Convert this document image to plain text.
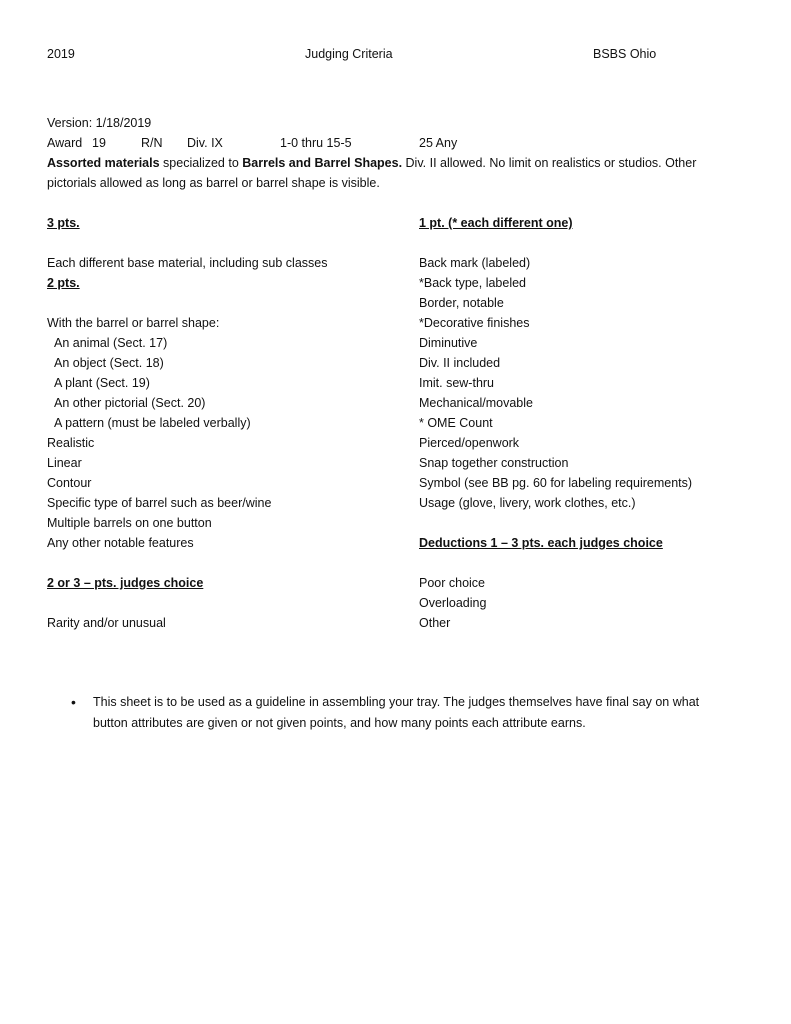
2019	Judging Criteria	BSBS Ohio
Version: 1/18/2019
Award 19	R/N Div. IX	1-0 thru 15-5	25 Any
Assorted materials specialized to Barrels and Barrel Shapes. Div. II allowed. No limit on realistics or studios. Other
pictorials allowed as long as barrel or barrel shape is visible.
3 pts.
Each different base material, including sub classes
2 pts.
With the barrel or barrel shape:
An animal (Sect. 17)
An object (Sect. 18)
A plant (Sect. 19)
An other pictorial (Sect. 20)
A pattern (must be labeled verbally)
Realistic
Linear
Contour
Specific type of barrel such as beer/wine
Multiple barrels on one button
Any other notable features
2 or 3 – pts. judges choice
Rarity and/or unusual
1 pt. (* each different one)
Back mark (labeled)
*Back type, labeled
Border, notable
*Decorative finishes
Diminutive
Div. II included
Imit. sew-thru
Mechanical/movable
* OME Count
Pierced/openwork
Snap together construction
Symbol (see BB pg. 60 for labeling requirements)
Usage (glove, livery, work clothes, etc.)
Deductions 1 – 3 pts. each judges choice
Poor choice
Overloading
Other
• This sheet is to be used as a guideline in assembling your tray. The judges themselves have final say on what button attributes are given or not given points, and how many points each attribute earns.
